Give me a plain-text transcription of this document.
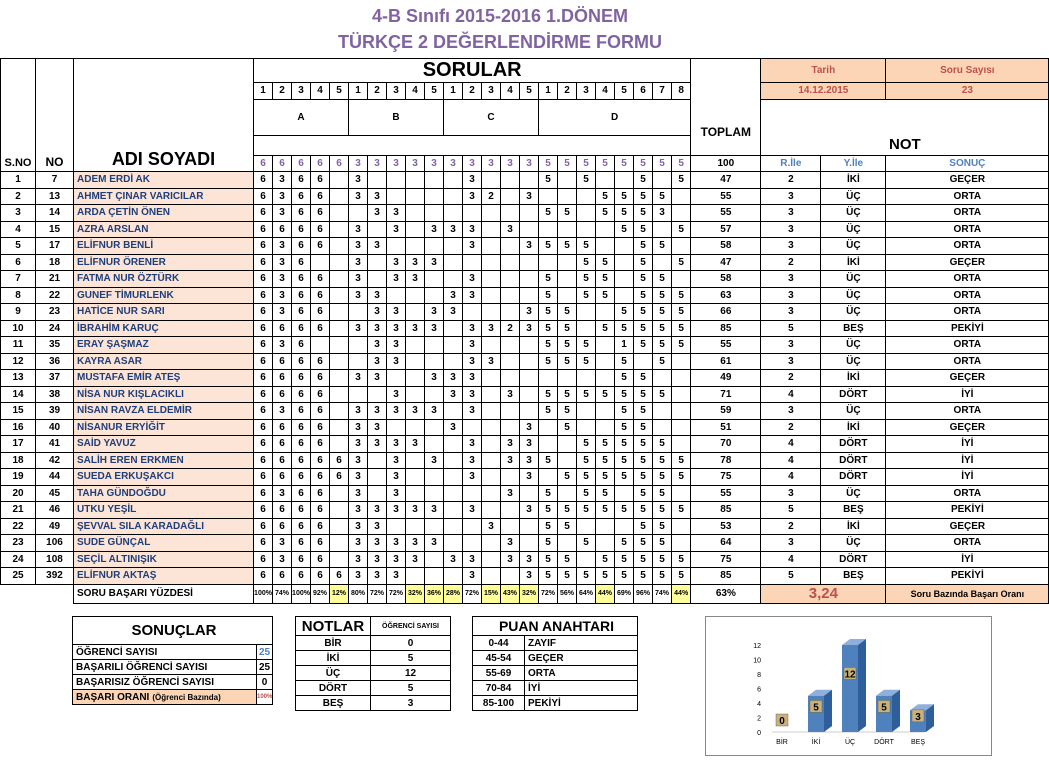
4-B Sınıfı 2015-2016 1.DÖNEM
TÜRKÇE 2 DEĞERLENDİRME FORMU
S.NO	NO	ADI SOYADI	SORULAR																							TOPLAM	Tarih		Soru Sayısı
			1	2	3	4	5	1	2	3	4	5	1	2	3	4	5	1	2	3	4	5	6	7	8		14.12.2015		23
			A					B					C					D									NOT		

			6	6	6	6	6	3	3	3	3	3	3	3	3	3	3	5	5	5	5	5	5	5	5	100	R.İle	Y.İle	SONUÇ
1	7	ADEM ERDİ AK	6	3	6	6		3						3				5		5			5		5	47	2	İKİ	GEÇER
2	13	AHMET ÇINAR VARICILAR	6	3	6	6		3	3					3	2		3				5	5	5	5		55	3	ÜÇ	ORTA
3	14	ARDA ÇETİN ÖNEN	6	3	6	6			3	3								5	5		5	5	5	3		55	3	ÜÇ	ORTA
4	15	AZRA ARSLAN	6	6	6	6		3		3		3	3	3		3						5	5		5	57	3	ÜÇ	ORTA
5	17	ELİFNUR BENLİ	6	3	6	6		3	3					3			3	5	5	5			5	5		58	3	ÜÇ	ORTA
6	18	ELİFNUR ÖRENER	6	3	6			3		3	3	3								5	5		5		5	47	2	İKİ	GEÇER
7	21	FATMA NUR ÖZTÜRK	6	3	6	6		3		3	3			3				5		5	5		5	5		58	3	ÜÇ	ORTA
8	22	GUNEF TİMURLENK	6	3	6	6		3	3				3	3				5		5	5		5	5	5	63	3	ÜÇ	ORTA
9	23	HATİCE NUR SARI	6	3	6	6			3	3		3	3				3	5	5			5	5	5	5	66	3	ÜÇ	ORTA
10	24	İBRAHİM KARUÇ	6	6	6	6		3	3	3	3	3		3	3	2	3	5	5		5	5	5	5	5	85	5	BEŞ	PEKİYİ
11	35	ERAY ŞAŞMAZ	6	3	6				3	3				3				5	5	5		1	5	5	5	55	3	ÜÇ	ORTA
12	36	KAYRA ASAR	6	6	6	6			3	3				3	3			5	5	5		5		5		61	3	ÜÇ	ORTA
13	37	MUSTAFA EMİR ATEŞ	6	6	6	6		3	3			3	3	3								5	5			49	2	İKİ	GEÇER
14	38	NİSA NUR KIŞLACIKLI	6	6	6	6				3			3	3		3		5	5	5	5	5	5	5		71	4	DÖRT	İYİ
15	39	NİSAN RAVZA ELDEMİR	6	3	6	6		3	3	3	3	3		3				5	5			5	5			59	3	ÜÇ	ORTA
16	40	NİSANUR ERYİĞİT	6	6	6	6		3	3				3				3		5			5	5			51	2	İKİ	GEÇER
17	41	SAİD YAVUZ	6	6	6	6		3	3	3	3			3		3	3			5	5	5	5	5		70	4	DÖRT	İYİ
18	42	SALİH EREN ERKMEN	6	6	6	6	6	3		3		3		3		3	3	5		5	5	5	5	5	5	78	4	DÖRT	İYİ
19	44	SUEDA ERKUŞAKCI	6	6	6	6	6	3		3				3			3		5	5	5	5	5	5	5	75	4	DÖRT	İYİ
20	45	TAHA GÜNDOĞDU	6	3	6	6		3		3						3		5		5	5		5	5		55	3	ÜÇ	ORTA
21	46	UTKU YEŞİL	6	6	6	6		3	3	3	3	3		3			3	5	5	5	5	5	5	5	5	85	5	BEŞ	PEKİYİ
22	49	ŞEVVAL SILA KARADAĞLI	6	6	6	6		3	3						3			5	5				5	5		53	2	İKİ	GEÇER
23	106	SUDE GÜNÇAL	6	3	6	6		3	3	3	3	3				3		5		5		5	5	5		64	3	ÜÇ	ORTA
24	108	SEÇİL ALTINIŞIK	6	3	6	6		3	3	3	3		3	3		3	3	5	5		5	5	5	5	5	75	4	DÖRT	İYİ
25	392	ELİFNUR AKTAŞ	6	6	6	6	6	3	3	3				3			3	5	5	5	5	5	5	5	5	85	5	BEŞ	PEKİYİ
		SORU BAŞARI YÜZDESİ	100%	74%	100%	92%	12%	80%	72%	72%	32%	36%	28%	72%	15%	43%	32%	72%	56%	64%	44%	69%	96%	74%	44%	63%	3,24		Soru Bazında Başarı Oranı
SONUÇLAR	
ÖĞRENCİ SAYISI	25
BAŞARILI ÖĞRENCİ SAYISI	25
BAŞARISIZ ÖĞRENCİ SAYISI	0
BAŞARI ORANI (Öğrenci Bazında)	100%
NOTLAR	ÖĞRENCİ SAYISI
BİR	0
İKİ	5
ÜÇ	12
DÖRT	5
BEŞ	3
PUAN ANAHTARI	
0-44	ZAYIF
45-54	GEÇER
55-69	ORTA
70-84	İYİ
85-100	PEKİYİ
0
2
4
6
8
10
12
0
BİR
5
İKİ
12
ÜÇ
5
DÖRT
3
BEŞ
